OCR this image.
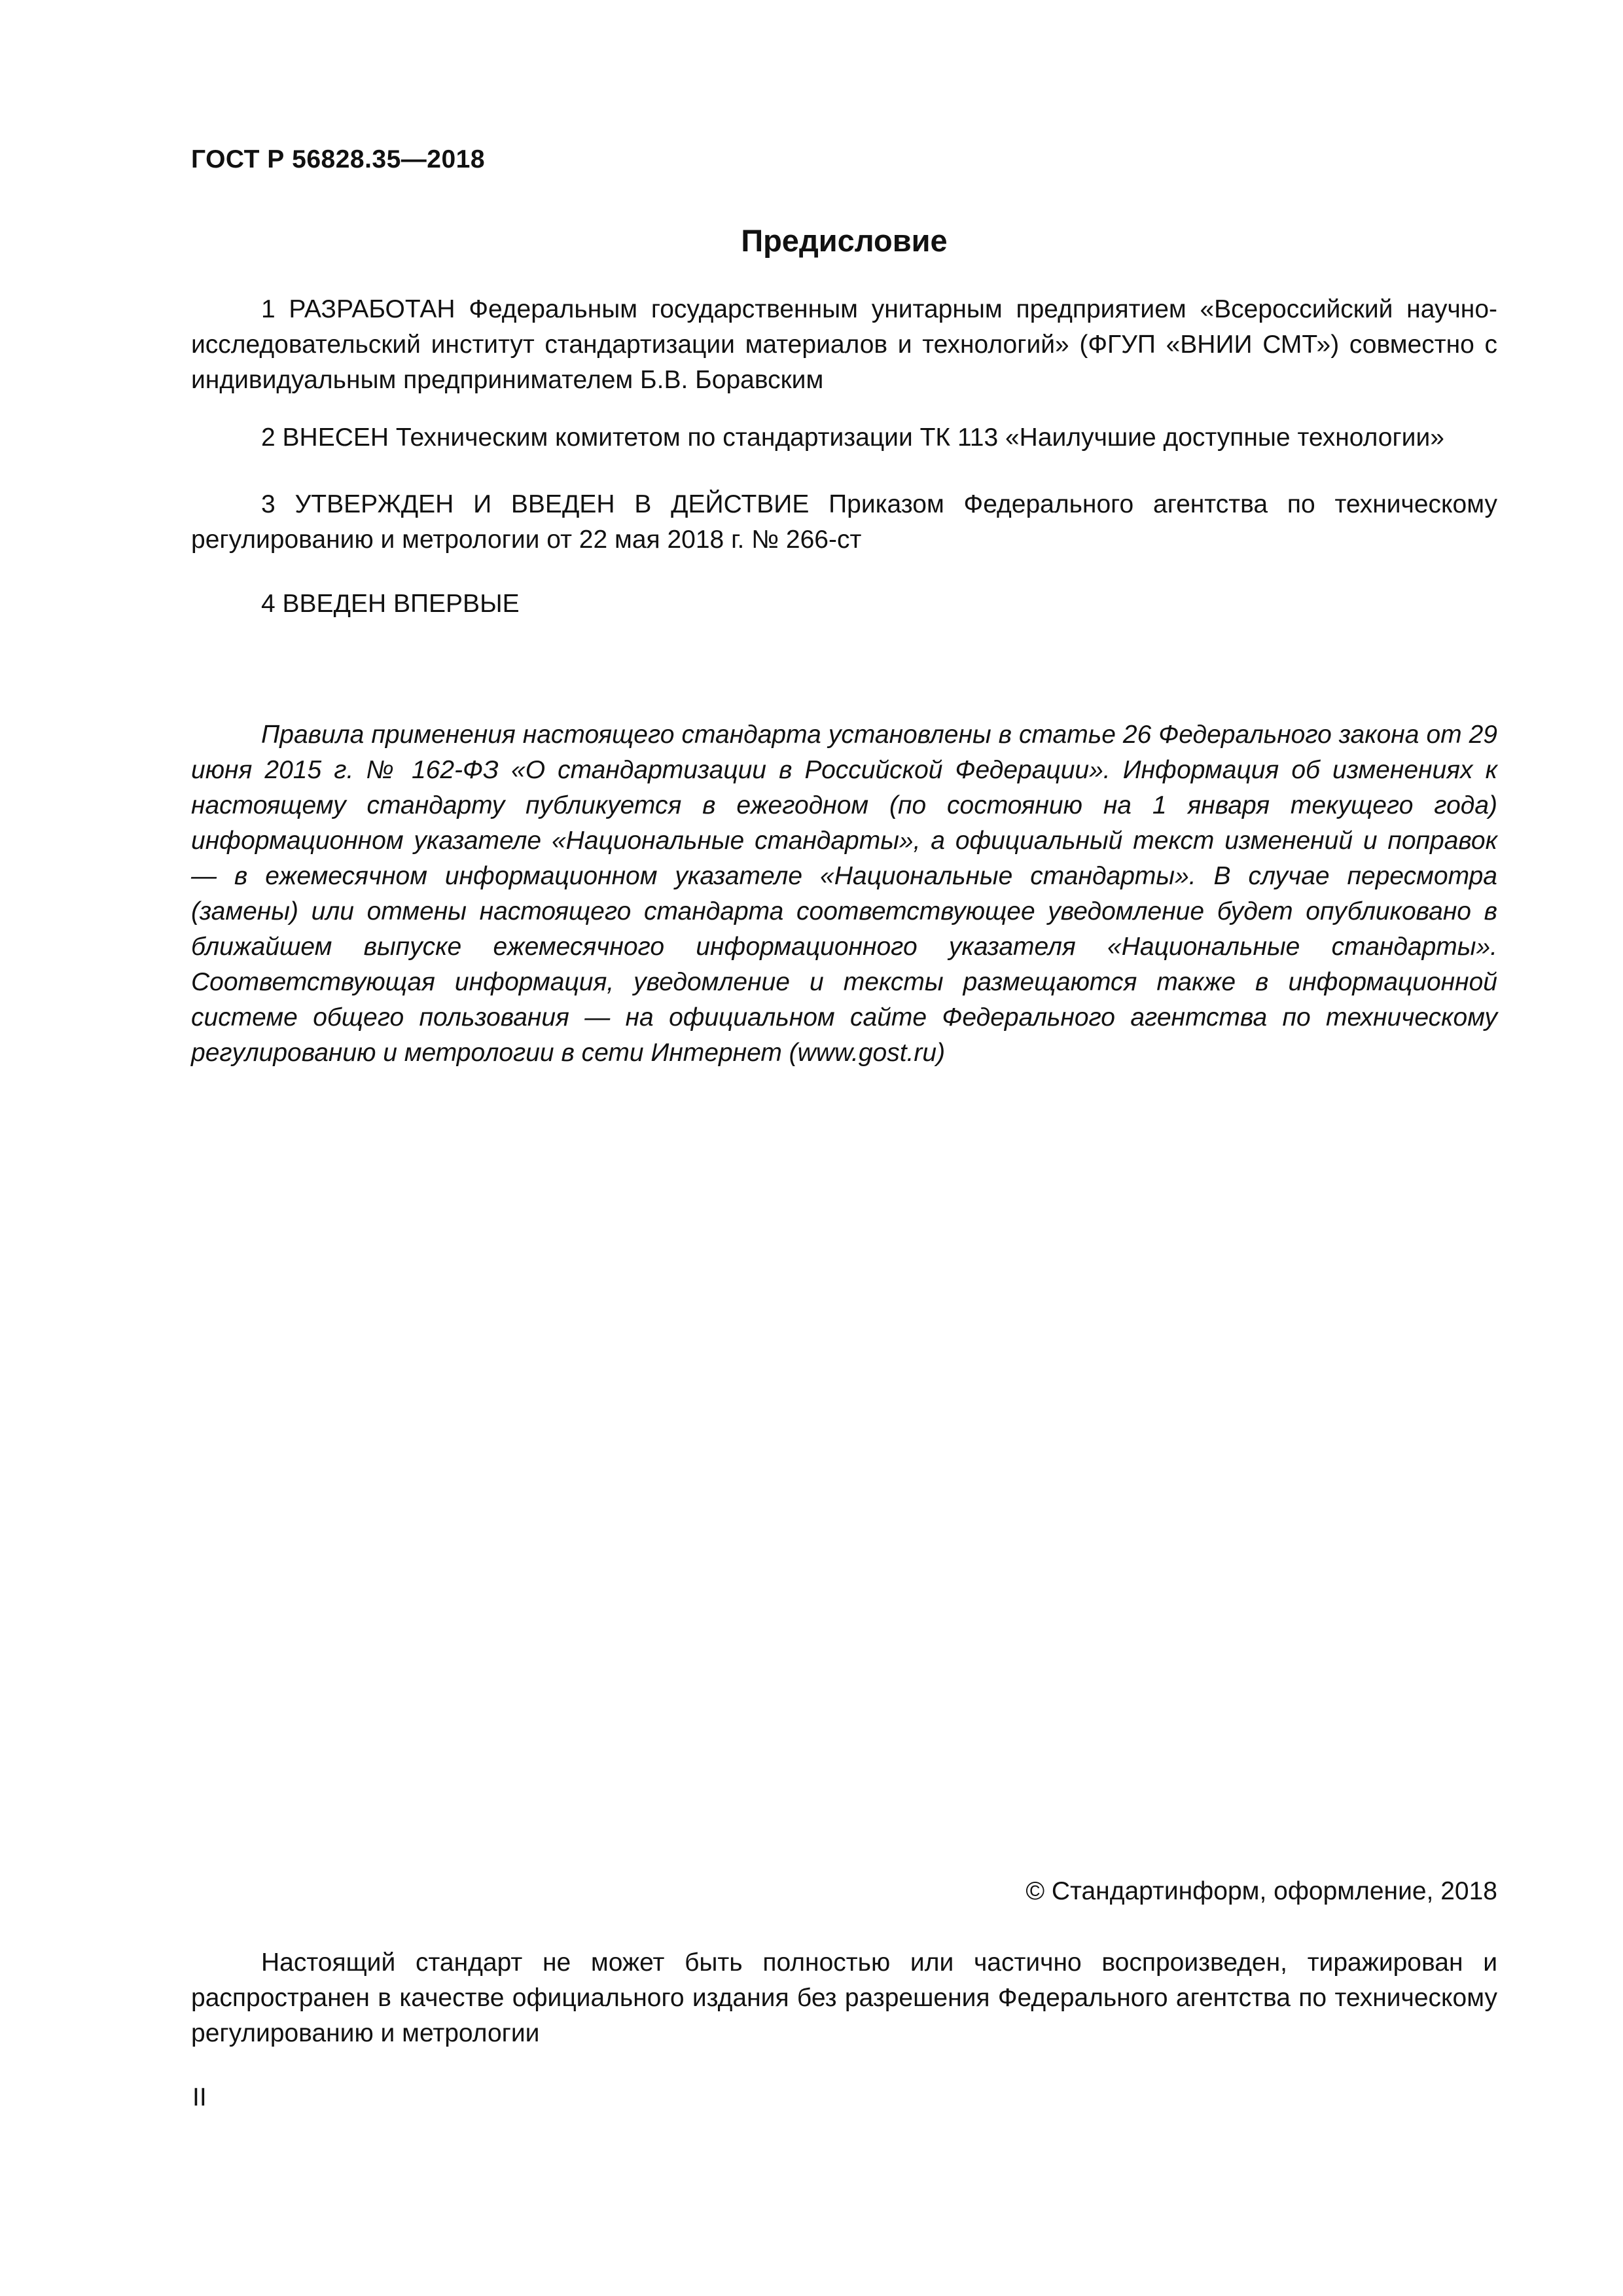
ГОСТ Р 56828.35—2018
Предисловие

1 РАЗРАБОТАН Федеральным государственным унитарным предприятием «Всероссийский научно-исследовательский институт стандартизации материалов и технологий» (ФГУП «ВНИИ СМТ») совместно с индивидуальным предпринимателем Б.В. Боравским

2 ВНЕСЕН Техническим комитетом по стандартизации ТК 113 «Наилучшие доступные технологии»

3 УТВЕРЖДЕН И ВВЕДЕН В ДЕЙСТВИЕ Приказом Федерального агентства по техническому регулированию и метрологии от 22 мая 2018 г. № 266-ст

4 ВВЕДЕН ВПЕРВЫЕ

Правила применения настоящего стандарта установлены в статье 26 Федерального закона от 29 июня 2015 г. № 162-ФЗ «О стандартизации в Российской Федерации». Информация об изменениях к настоящему стандарту публикуется в ежегодном (по состоянию на 1 января текущего года) информационном указателе «Национальные стандарты», а официальный текст изменений и поправок — в ежемесячном информационном указателе «Национальные стандарты». В случае пересмотра (замены) или отмены настоящего стандарта соответствующее уведомление будет опубликовано в ближайшем выпуске ежемесячного информационного указателя «Национальные стандарты». Соответствующая информация, уведомление и тексты размещаются также в информационной системе общего пользования — на официальном сайте Федерального агентства по техническому регулированию и метрологии в сети Интернет (www.gost.ru)

© Стандартинформ, оформление, 2018

Настоящий стандарт не может быть полностью или частично воспроизведен, тиражирован и распространен в качестве официального издания без разрешения Федерального агентства по техническому регулированию и метрологии

II
